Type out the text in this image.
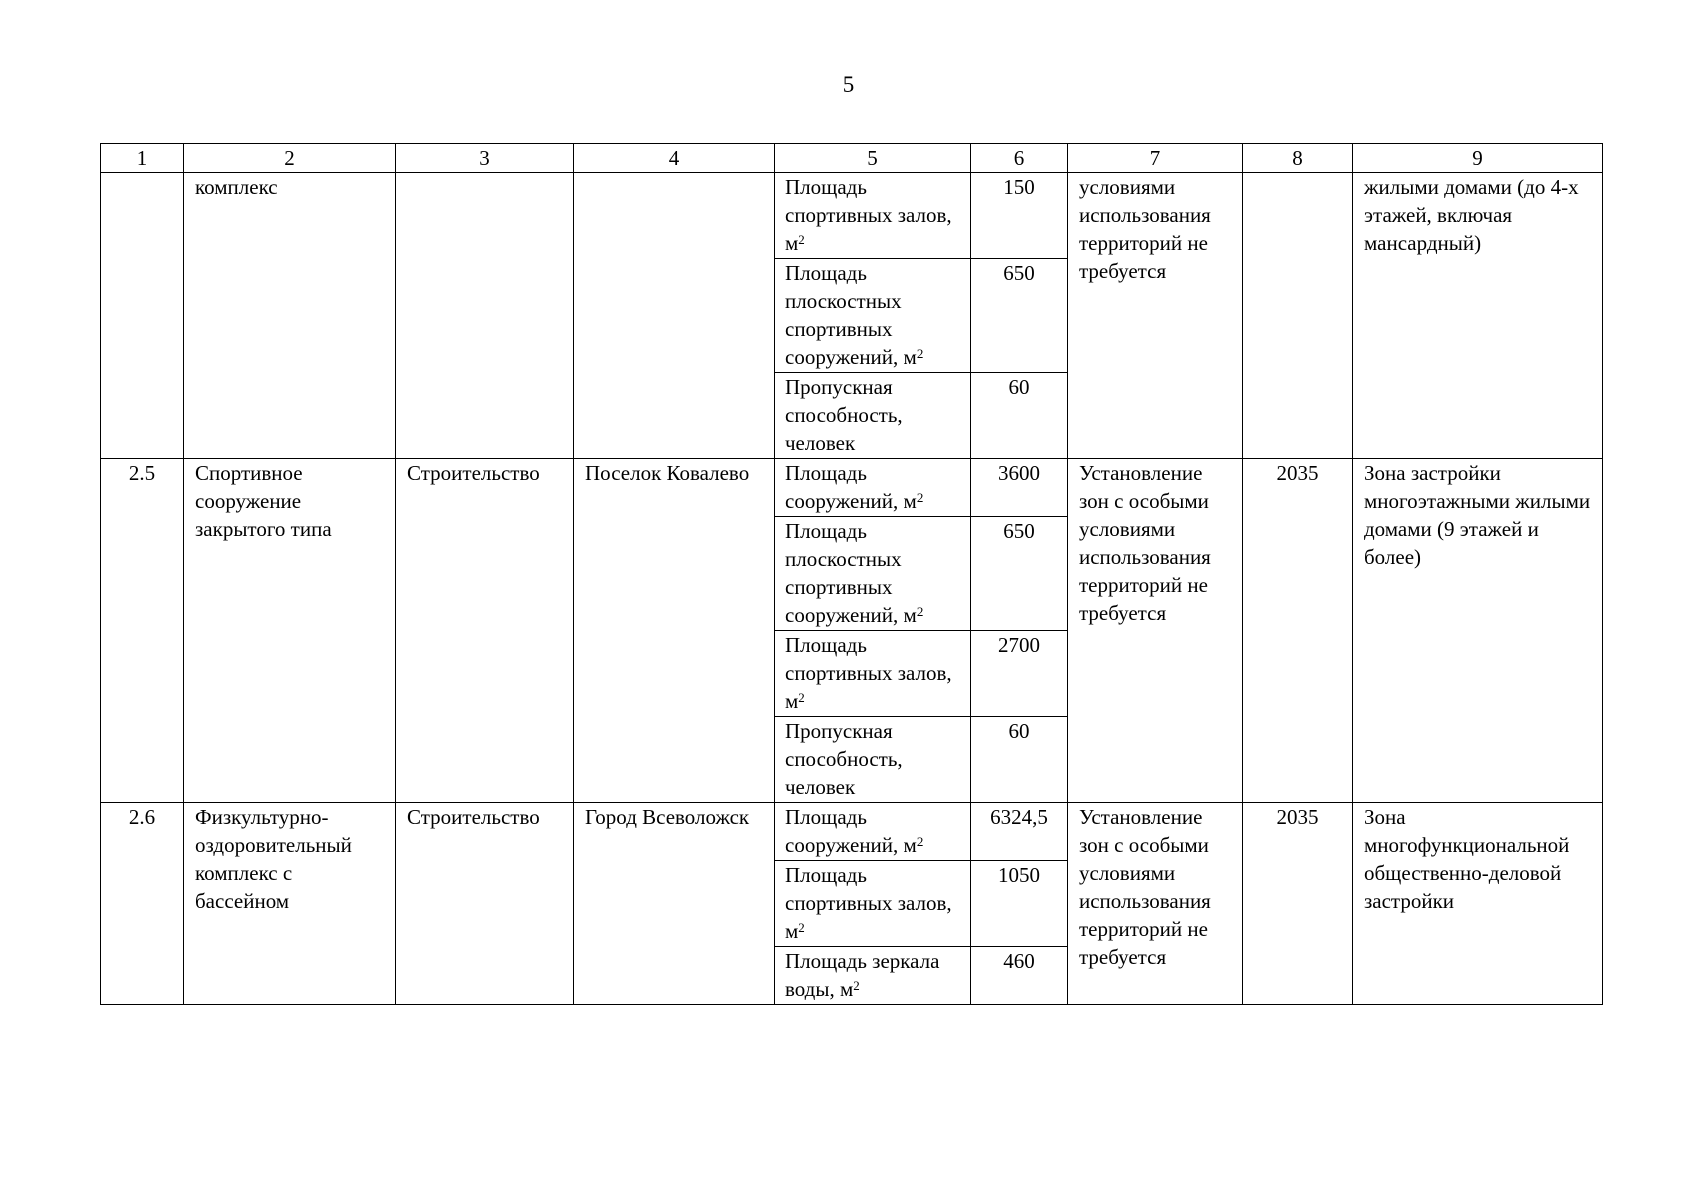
5
1	2	3	4	5	6	7	8	9
	комплекс			Площадь спортивных залов, $м^2$	150	условиями использования территорий не требуется		жилыми домами (до 4-х этажей, включая мансардный)
				Площадь плоскостных спортивных сооружений, $м^2$	650			
				Пропускная способность, человек	60			
2.5	Спортивное сооружение закрытого типа	Строительство	Поселок Ковалево	Площадь сооружений, $м^2$	3600	Установление зон с особыми условиями использования территорий не требуется	2035	Зона застройки многоэтажными жилыми домами (9 этажей и более)
				Площадь плоскостных спортивных сооружений, $м^2$	650			
				Площадь спортивных залов, $м^2$	2700			
				Пропускная способность, человек	60			
2.6	Физкультурно-оздоровительный комплекс с бассейном	Строительство	Город Всеволожск	Площадь сооружений, $м^2$	6324,5	Установление зон с особыми условиями использования территорий не требуется	2035	Зона многофункциональной общественно-деловой застройки
				Площадь спортивных залов, $м^2$	1050			
				Площадь зеркала воды, $м^2$	460			
